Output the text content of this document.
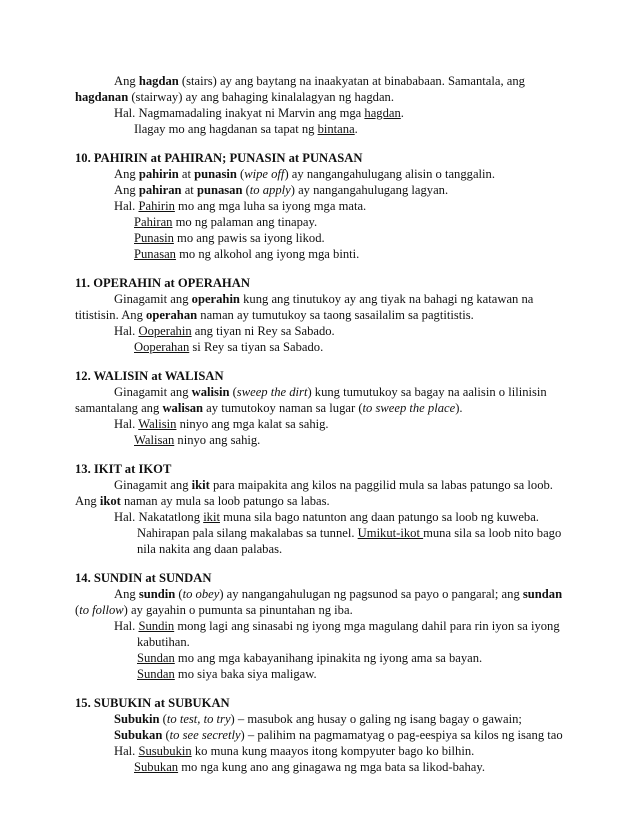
Ang hagdan (stairs) ay ang baytang na inaakyatan at binababaan. Samantala, ang
hagdanan (stairway) ay ang bahaging kinalalagyan ng hagdan.
Hal. Nagmamadaling inakyat ni Marvin ang mga hagdan.
Ilagay mo ang hagdanan sa tapat ng bintana.
10. PAHIRIN at PAHIRAN; PUNASIN at PUNASAN
Ang pahirin at punasin (wipe off) ay nangangahulugang alisin o tanggalin.
Ang pahiran at punasan (to apply) ay nangangahulugang lagyan.
Hal. Pahirin mo ang mga luha sa iyong mga mata.
Pahiran mo ng palaman ang tinapay.
Punasin mo ang pawis sa iyong likod.
Punasan mo ng alkohol ang iyong mga binti.
11. OPERAHIN at OPERAHAN
Ginagamit ang operahin kung ang tinutukoy ay ang tiyak na bahagi ng katawan na
titistisin. Ang operahan naman ay tumutukoy sa taong sasailalim sa pagtitistis.
Hal. Ooperahin ang tiyan ni Rey sa Sabado.
Ooperahan si Rey sa tiyan sa Sabado.
12. WALISIN at WALISAN
Ginagamit ang walisin (sweep the dirt) kung tumutukoy sa bagay na aalisin o lilinisin
samantalang ang walisan ay tumutokoy naman sa lugar (to sweep the place).
Hal. Walisin ninyo ang mga kalat sa sahig.
Walisan ninyo ang sahig.
13. IKIT at IKOT
Ginagamit ang ikit para maipakita ang kilos na paggilid mula sa labas patungo sa loob.
Ang ikot naman ay mula sa loob patungo sa labas.
Hal. Nakatatlong ikit muna sila bago natunton ang daan patungo sa loob ng kuweba.
Nahirapan pala silang makalabas sa tunnel. Umikut-ikot muna sila sa loob nito bago
nila nakita ang daan palabas.
14. SUNDIN at SUNDAN
Ang sundin (to obey) ay nangangahulugan ng pagsunod sa payo o pangaral; ang sundan
(to follow) ay gayahin o pumunta sa pinuntahan ng iba.
Hal. Sundin mong lagi ang sinasabi ng iyong mga magulang dahil para rin iyon sa iyong
kabutihan.
Sundan mo ang mga kabayanihang ipinakita ng iyong ama sa bayan.
Sundan mo siya baka siya maligaw.
15. SUBUKIN at SUBUKAN
Subukin (to test, to try) – masubok ang husay o galing ng isang bagay o gawain;
Subukan (to see secretly) – palihim na pagmamatyag o pag-eespiya sa kilos ng isang tao
Hal. Susubukin ko muna kung maayos itong kompyuter bago ko bilhin.
Subukan mo nga kung ano ang ginagawa ng mga bata sa likod-bahay.
